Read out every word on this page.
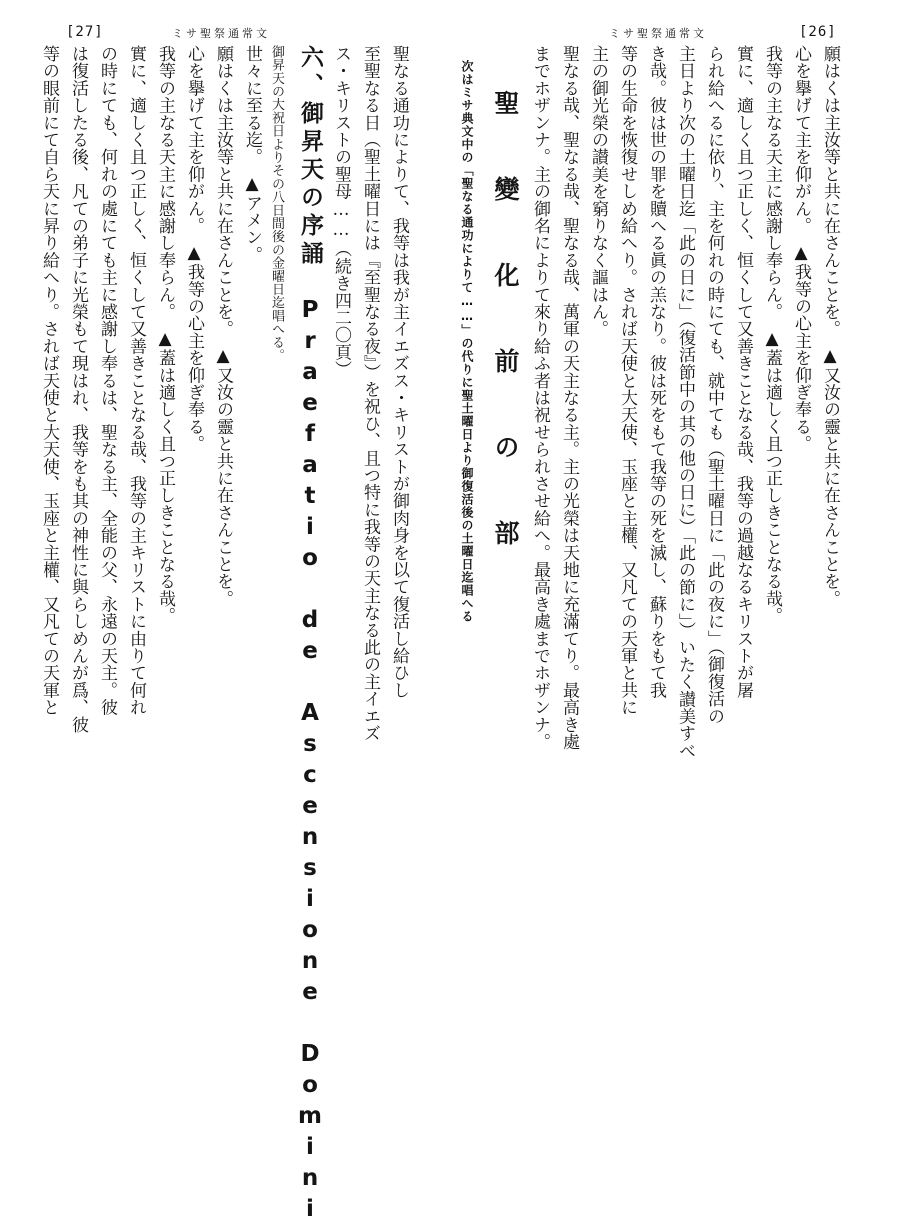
[27]	ミサ聖祭通常文
聖なる通功によりて、我等は我が主イエズス・キリストが御肉身を以て復活し給ひし
至聖なる日（聖土曜日には『至聖なる夜』）を祝ひ、且つ特に我等の天主なる此の主イエズ
ス・キリストの聖母……（続き四二〇頁）
六、御昇天の序誦　Praefatio de Ascensione Domini
御昇天の大祝日よりその八日間後の金曜日迄唱へる。
世々に至る迄。　▲アメン。
願はくは主汝等と共に在さんことを。　▲又汝の靈と共に在さんことを。
心を擧げて主を仰がん。　▲我等の心主を仰ぎ奉る。
我等の主なる天主に感謝し奉らん。　▲蓋は適しく且つ正しきことなる哉。
實に、適しく且つ正しく、恒くして又善きことなる哉、我等の主キリストに由りて何れ
の時にても、何れの處にても主に感謝し奉るは、聖なる主、全能の父、永遠の天主。彼
は復活したる後、凡ての弟子に光榮もて現はれ、我等をも其の神性に與らしめんが爲、彼
等の眼前にて自ら天に昇り給へり。されば天使と大天使、玉座と主權、又凡ての天軍と
ミサ聖祭通常文	[26]
願はくは主汝等と共に在さんことを。　▲又汝の靈と共に在さんことを。
心を擧げて主を仰がん。　▲我等の心主を仰ぎ奉る。
我等の主なる天主に感謝し奉らん。　▲蓋は適しく且つ正しきことなる哉。
實に、適しく且つ正しく、恒くして又善きことなる哉、我等の過越なるキリストが屠
られ給へるに依り、主を何れの時にても、就中ても（聖土曜日に「此の夜に」（御復活の
主日より次の土曜日迄「此の日に」（復活節中の其の他の日に）「此の節に」）いたく讃美すべ
き哉。彼は世の罪を贖へる眞の羔なり。彼は死をもて我等の死を滅し、蘇りをもて我
等の生命を恢復せしめ給へり。されば天使と大天使、玉座と主權、又凡ての天軍と共に
主の御光榮の讃美を窮りなく謳はん。
聖なる哉、聖なる哉、聖なる哉、萬軍の天主なる主。主の光榮は天地に充滿てり。最高き處
までホザンナ。主の御名によりて來り給ふ者は祝せられさせ給へ。最高き處までホザンナ。
聖　變　化　前　の　部
次はミサ典文中の「聖なる通功によりて……」の代りに聖土曜日より御復活後の土曜日迄唱へる
